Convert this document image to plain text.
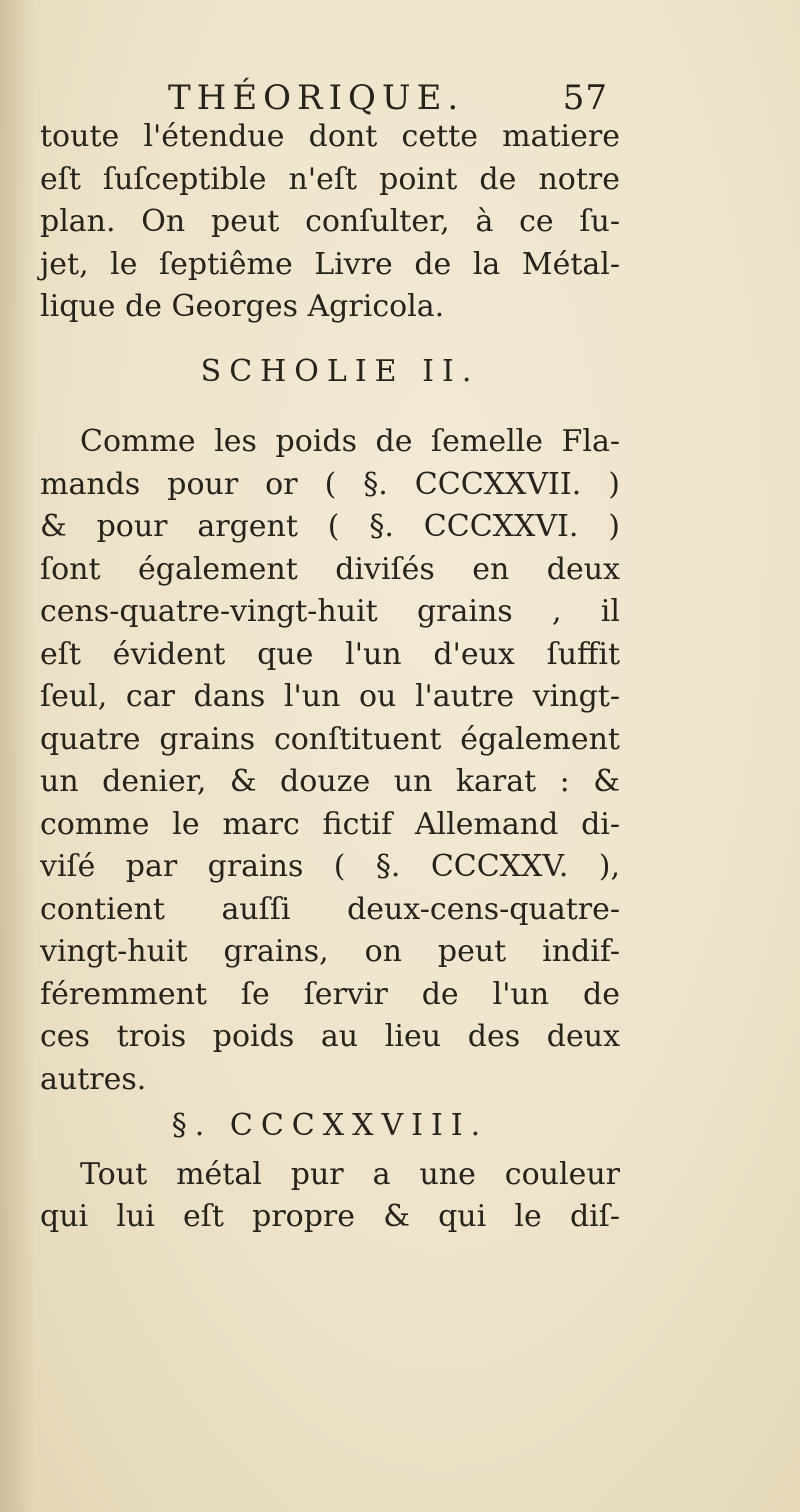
THÉORIQUE.	57

toute l'étendue dont cette matiere
eſt ſuſceptible n'eſt point de notre
plan. On peut conſulter, à ce ſu-
jet, le ſeptiême Livre de la Métal-
lique de Georges Agricola.

SCHOLIE II.

Comme les poids de ſemelle Fla-
mands pour or ( §. CCCXXVII. )
& pour argent ( §. CCCXXVI. )
ſont également diviſés en deux
cens-quatre-vingt-huit grains , il
eſt évident que l'un d'eux ſuffit
ſeul, car dans l'un ou l'autre vingt-
quatre grains conſtituent également
un denier, & douze un karat : &
comme le marc fictif Allemand di-
viſé par grains ( §. CCCXXV. ),
contient auſſi deux-cens-quatre-
vingt-huit grains, on peut indif-
féremment ſe ſervir de l'un de
ces trois poids au lieu des deux
autres.

§. CCCXXVIII.

Tout métal pur a une couleur
qui lui eſt propre & qui le diſ-
